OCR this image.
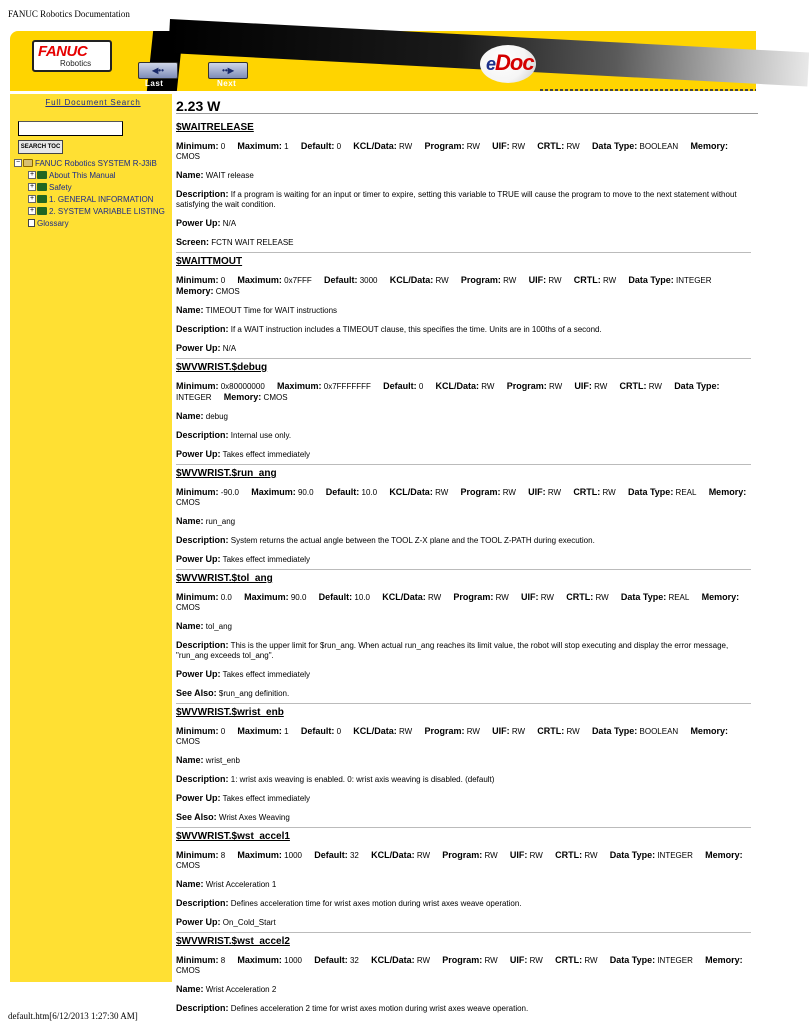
FANUC Robotics Documentation
FANUC
Robotics
◀••
Last
••▶
Next
eDoc
Full Document Search
SEARCH TOC
− FANUC Robotics SYSTEM R-J3iB
+ About This Manual
+ Safety
+ 1. GENERAL INFORMATION
+ 2. SYSTEM VARIABLE LISTING
Glossary
2.23 W
$WAITRELEASE
Minimum: 0 Maximum: 1 Default: 0 KCL/Data: RW Program: RW UIF: RW CRTL: RW Data Type: BOOLEAN Memory: CMOS
Name: WAIT release
Description: If a program is waiting for an input or timer to expire, setting this variable to TRUE will cause the program to move to the next statement without satisfying the wait condition.
Power Up: N/A
Screen: FCTN WAIT RELEASE
$WAITTMOUT
Minimum: 0 Maximum: 0x7FFF Default: 3000 KCL/Data: RW Program: RW UIF: RW CRTL: RW Data Type: INTEGER Memory: CMOS
Name: TIMEOUT Time for WAIT instructions
Description: If a WAIT instruction includes a TIMEOUT clause, this specifies the time. Units are in 100ths of a second.
Power Up: N/A
$WVWRIST.$debug
Minimum: 0x80000000 Maximum: 0x7FFFFFFF Default: 0 KCL/Data: RW Program: RW UIF: RW CRTL: RW Data Type: INTEGER Memory: CMOS
Name: debug
Description: Internal use only.
Power Up: Takes effect immediately
$WVWRIST.$run_ang
Minimum: -90.0 Maximum: 90.0 Default: 10.0 KCL/Data: RW Program: RW UIF: RW CRTL: RW Data Type: REAL Memory: CMOS
Name: run_ang
Description: System returns the actual angle between the TOOL Z-X plane and the TOOL Z-PATH during execution.
Power Up: Takes effect immediately
$WVWRIST.$tol_ang
Minimum: 0.0 Maximum: 90.0 Default: 10.0 KCL/Data: RW Program: RW UIF: RW CRTL: RW Data Type: REAL Memory: CMOS
Name: tol_ang
Description: This is the upper limit for $run_ang. When actual run_ang reaches its limit value, the robot will stop executing and display the error message, "run_ang exceeds tol_ang".
Power Up: Takes effect immediately
See Also: $run_ang definition.
$WVWRIST.$wrist_enb
Minimum: 0 Maximum: 1 Default: 0 KCL/Data: RW Program: RW UIF: RW CRTL: RW Data Type: BOOLEAN Memory: CMOS
Name: wrist_enb
Description: 1: wrist axis weaving is enabled. 0: wrist axis weaving is disabled. (default)
Power Up: Takes effect immediately
See Also: Wrist Axes Weaving
$WVWRIST.$wst_accel1
Minimum: 8 Maximum: 1000 Default: 32 KCL/Data: RW Program: RW UIF: RW CRTL: RW Data Type: INTEGER Memory: CMOS
Name: Wrist Acceleration 1
Description: Defines acceleration time for wrist axes motion during wrist axes weave operation.
Power Up: On_Cold_Start
$WVWRIST.$wst_accel2
Minimum: 8 Maximum: 1000 Default: 32 KCL/Data: RW Program: RW UIF: RW CRTL: RW Data Type: INTEGER Memory: CMOS
Name: Wrist Acceleration 2
Description: Defines acceleration 2 time for wrist axes motion during wrist axes weave operation.
default.htm[6/12/2013 1:27:30 AM]
